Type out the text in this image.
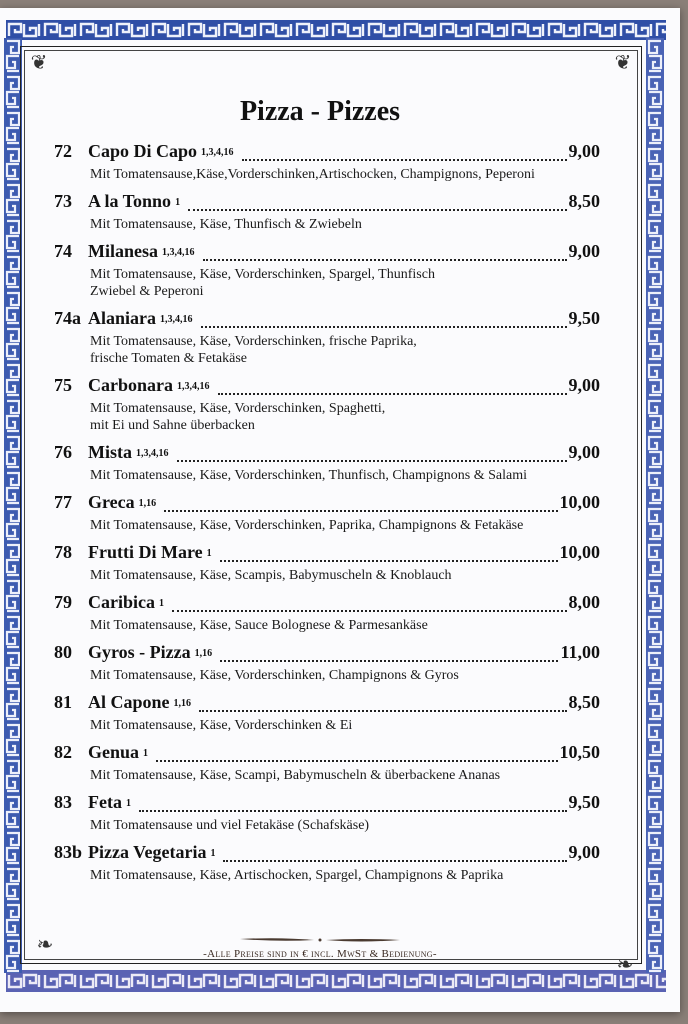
❦	❦
❧
❧
Pizza - Pizzes
72 Capo Di Capo 1,3,4,16	9,00
Mit Tomatensause,Käse,Vorderschinken,Artischocken, Champignons, Peperoni
73 A la Tonno 1	8,50
Mit Tomatensause, Käse, Thunfisch & Zwiebeln
74 Milanesa 1,3,4,16	9,00
Mit Tomatensause, Käse, Vorderschinken, Spargel, Thunfisch
Zwiebel & Peperoni
74a Alaniara 1,3,4,16	9,50
Mit Tomatensause, Käse, Vorderschinken, frische Paprika,
frische Tomaten & Fetakäse
75 Carbonara 1,3,4,16	9,00
Mit Tomatensause, Käse, Vorderschinken, Spaghetti,
mit Ei und Sahne überbacken
76 Mista 1,3,4,16	9,00
Mit Tomatensause, Käse, Vorderschinken, Thunfisch, Champignons & Salami
77 Greca 1,16	10,00
Mit Tomatensause, Käse, Vorderschinken, Paprika, Champignons & Fetakäse
78 Frutti Di Mare 1	10,00
Mit Tomatensause, Käse, Scampis, Babymuscheln & Knoblauch
79 Caribica 1	8,00
Mit Tomatensause, Käse, Sauce Bolognese & Parmesankäse
80 Gyros - Pizza 1,16	11,00
Mit Tomatensause, Käse, Vorderschinken, Champignons & Gyros
81 Al Capone 1,16	8,50
Mit Tomatensause, Käse, Vorderschinken & Ei
82 Genua 1	10,50
Mit Tomatensause, Käse, Scampi, Babymuscheln & überbackene Ananas
83 Feta 1	9,50
Mit Tomatensause und viel Fetakäse (Schafskäse)
83b Pizza Vegetaria 1	9,00
Mit Tomatensause, Käse, Artischocken, Spargel, Champignons & Paprika
-Alle Preise sind in € incl. MwSt & Bedienung-
